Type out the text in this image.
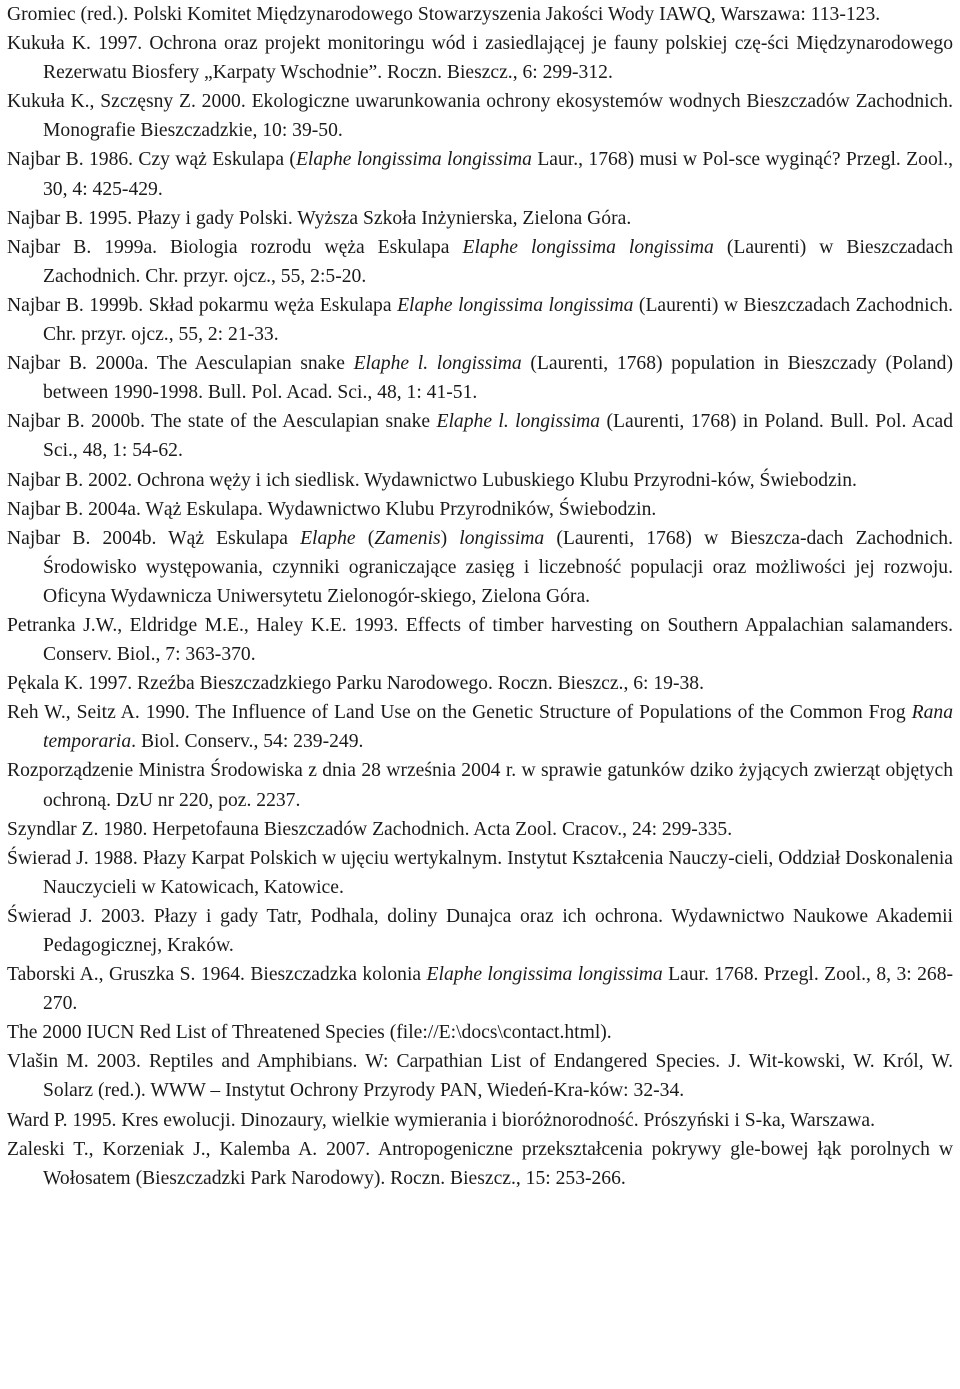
Gromiec (red.). Polski Komitet Międzynarodowego Stowarzyszenia Jakości Wody IAWQ, Warszawa: 113-123.

Kukuła K. 1997. Ochrona oraz projekt monitoringu wód i zasiedlającej je fauny polskiej czę-ści Międzynarodowego Rezerwatu Biosfery „Karpaty Wschodnie”. Roczn. Bieszcz., 6: 299-312.

Kukuła K., Szczęsny Z. 2000. Ekologiczne uwarunkowania ochrony ekosystemów wodnych Bieszczadów Zachodnich. Monografie Bieszczadzkie, 10: 39-50.

Najbar B. 1986. Czy wąż Eskulapa (Elaphe longissima longissima Laur., 1768) musi w Pol-sce wyginąć? Przegl. Zool., 30, 4: 425-429.

Najbar B. 1995. Płazy i gady Polski. Wyższa Szkoła Inżynierska, Zielona Góra.

Najbar B. 1999a. Biologia rozrodu węża Eskulapa Elaphe longissima longissima (Laurenti) w Bieszczadach Zachodnich. Chr. przyr. ojcz., 55, 2:5-20.

Najbar B. 1999b. Skład pokarmu węża Eskulapa Elaphe longissima longissima (Laurenti) w Bieszczadach Zachodnich. Chr. przyr. ojcz., 55, 2: 21-33.

Najbar B. 2000a. The Aesculapian snake Elaphe l. longissima (Laurenti, 1768) population in Bieszczady (Poland) between 1990-1998. Bull. Pol. Acad. Sci., 48, 1: 41-51.

Najbar B. 2000b. The state of the Aesculapian snake Elaphe l. longissima (Laurenti, 1768) in Poland. Bull. Pol. Acad Sci., 48, 1: 54-62.

Najbar B. 2002. Ochrona węży i ich siedlisk. Wydawnictwo Lubuskiego Klubu Przyrodni-ków, Świebodzin.

Najbar B. 2004a. Wąż Eskulapa. Wydawnictwo Klubu Przyrodników, Świebodzin.

Najbar B. 2004b. Wąż Eskulapa Elaphe (Zamenis) longissima (Laurenti, 1768) w Bieszcza-dach Zachodnich. Środowisko występowania, czynniki ograniczające zasięg i liczebność populacji oraz możliwości jej rozwoju. Oficyna Wydawnicza Uniwersytetu Zielonogór-skiego, Zielona Góra.

Petranka J.W., Eldridge M.E., Haley K.E. 1993. Effects of timber harvesting on Southern Appalachian salamanders. Conserv. Biol., 7: 363-370.

Pękala K. 1997. Rzeźba Bieszczadzkiego Parku Narodowego. Roczn. Bieszcz., 6: 19-38.

Reh W., Seitz A. 1990. The Influence of Land Use on the Genetic Structure of Populations of the Common Frog Rana temporaria. Biol. Conserv., 54: 239-249.

Rozporządzenie Ministra Środowiska z dnia 28 września 2004 r. w sprawie gatunków dziko żyjących zwierząt objętych ochroną. DzU nr 220, poz. 2237.

Szyndlar Z. 1980. Herpetofauna Bieszczadów Zachodnich. Acta Zool. Cracov., 24: 299-335.

Świerad J. 1988. Płazy Karpat Polskich w ujęciu wertykalnym. Instytut Kształcenia Nauczy-cieli, Oddział Doskonalenia Nauczycieli w Katowicach, Katowice.

Świerad J. 2003. Płazy i gady Tatr, Podhala, doliny Dunajca oraz ich ochrona. Wydawnictwo Naukowe Akademii Pedagogicznej, Kraków.

Taborski A., Gruszka S. 1964. Bieszczadzka kolonia Elaphe longissima longissima Laur. 1768. Przegl. Zool., 8, 3: 268-270.

The 2000 IUCN Red List of Threatened Species (file://E:\docs\contact.html).

Vlašin M. 2003. Reptiles and Amphibians. W: Carpathian List of Endangered Species. J. Wit-kowski, W. Król, W. Solarz (red.). WWW – Instytut Ochrony Przyrody PAN, Wiedeń-Kra-ków: 32-34.

Ward P. 1995. Kres ewolucji. Dinozaury, wielkie wymierania i bioróżnorodność. Prószyński i S-ka, Warszawa.

Zaleski T., Korzeniak J., Kalemba A. 2007. Antropogeniczne przekształcenia pokrywy gle-bowej łąk porolnych w Wołosatem (Bieszczadzki Park Narodowy). Roczn. Bieszcz., 15: 253-266.
